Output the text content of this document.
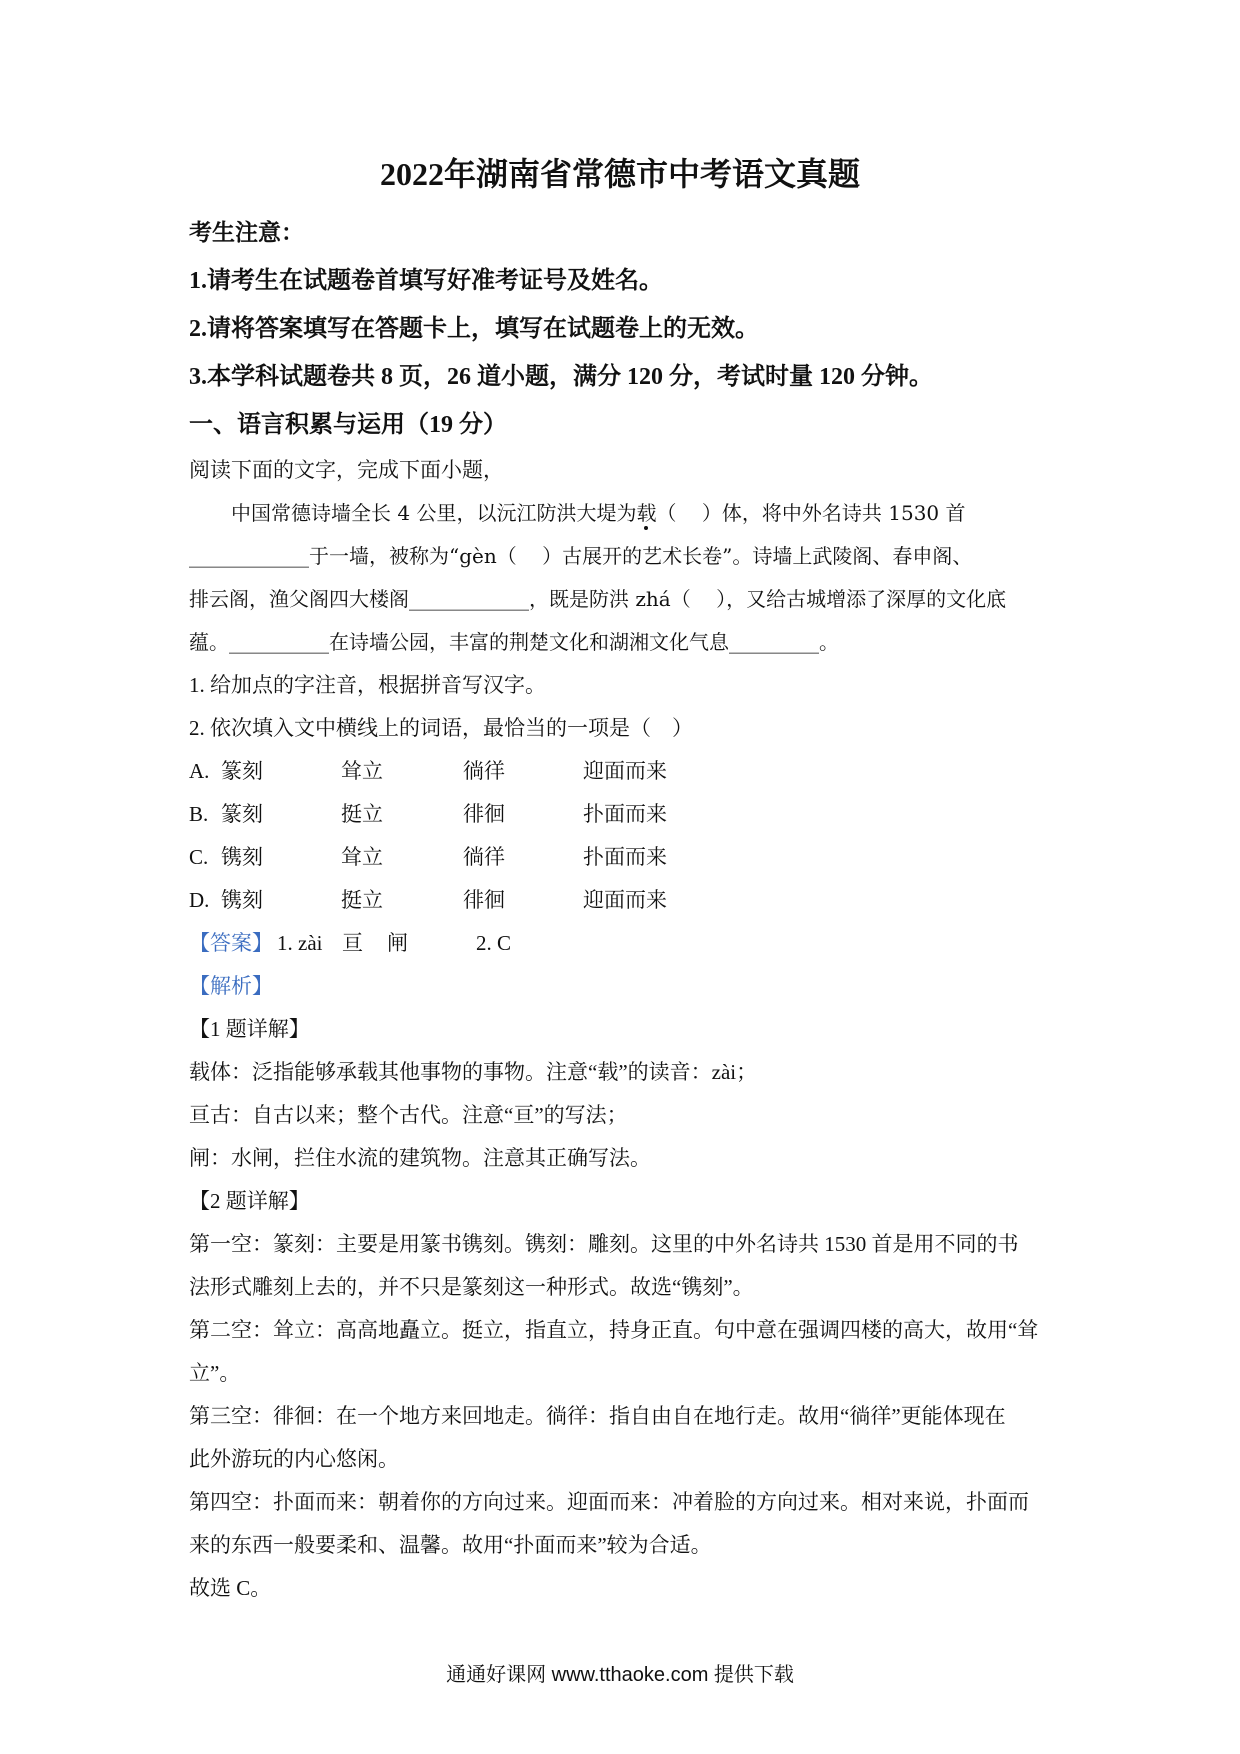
2022年湖南省常德市中考语文真题
考生注意：
1.请考生在试题卷首填写好准考证号及姓名。
2.请将答案填写在答题卡上，填写在试题卷上的无效。
3.本学科试题卷共 8 页，26 道小题，满分 120 分，考试时量 120 分钟。
一、语言积累与运用（19 分）
阅读下面的文字，完成下面小题，
中国常德诗墙全长 4 公里，以沅江防洪大堤为载（    ）体，将中外名诗共 1530 首
____________于一墙，被称为“gèn（    ）古展开的艺术长卷”。诗墙上武陵阁、春申阁、
排云阁，渔父阁四大楼阁____________，既是防洪 zhá（    ），又给古城增添了深厚的文化底
蕴。__________在诗墙公园，丰富的荆楚文化和湖湘文化气息_________。
1. 给加点的字注音，根据拼音写汉字。
2. 依次填入文中横线上的词语，最恰当的一项是（    ）
A. 篆刻	耸立	徜徉	迎面而来
B. 篆刻	挺立	徘徊	扑面而来
C. 镌刻	耸立	徜徉	扑面而来
D. 镌刻	挺立	徘徊	迎面而来
【答案】 1. zài 亘	闸	2. C
【解析】
【1 题详解】
载体：泛指能够承载其他事物的事物。注意“载”的读音：zài；
亘古：自古以来；整个古代。注意“亘”的写法；
闸：水闸，拦住水流的建筑物。注意其正确写法。
【2 题详解】
第一空：篆刻：主要是用篆书镌刻。镌刻：雕刻。这里的中外名诗共 1530 首是用不同的书
法形式雕刻上去的，并不只是篆刻这一种形式。故选“镌刻”。
第二空：耸立：高高地矗立。挺立，指直立，持身正直。句中意在强调四楼的高大，故用“耸
立”。
第三空：徘徊：在一个地方来回地走。徜徉：指自由自在地行走。故用“徜徉”更能体现在
此外游玩的内心悠闲。
第四空：扑面而来：朝着你的方向过来。迎面而来：冲着脸的方向过来。相对来说，扑面而
来的东西一般要柔和、温馨。故用“扑面而来”较为合适。
故选 C。
通通好课网 www.tthaoke.com 提供下载
